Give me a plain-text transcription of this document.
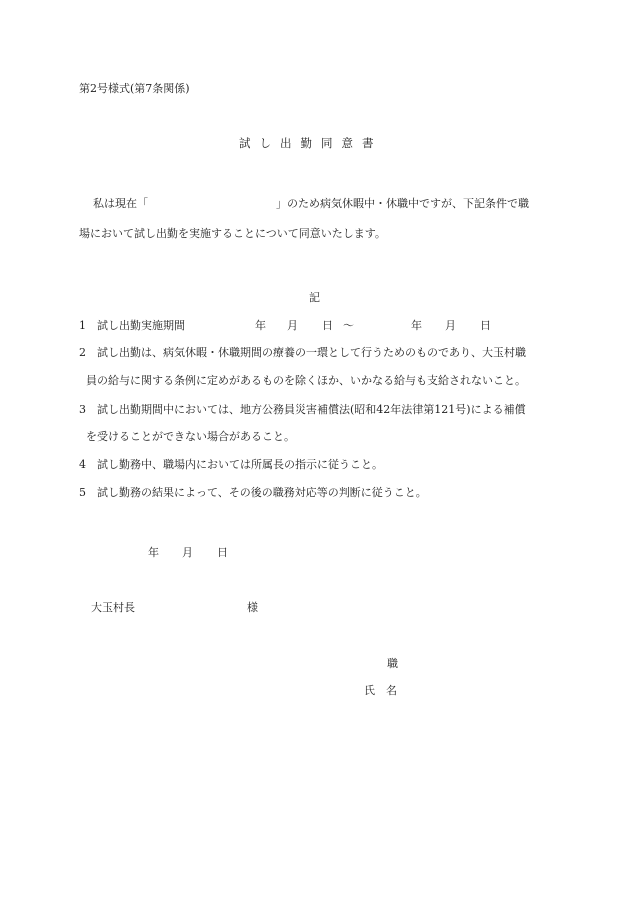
第2号様式(第7条関係)
試し出勤同意書
私は現在「	」のため病気休暇中・休職中ですが、下記条件で職
場において試し出勤を実施することについて同意いたします。
記
1 試し出勤実施期間	年 月 日 〜	年 月 日
2 試し出勤は、病気休暇・休職期間の療養の一環として行うためのものであり、大玉村職
員の給与に関する条例に定めがあるものを除くほか、いかなる給与も支給されないこと。
3 試し出勤期間中においては、地方公務員災害補償法(昭和42年法律第121号)による補償
を受けることができない場合があること。
4 試し勤務中、職場内においては所属長の指示に従うこと。
5 試し勤務の結果によって、その後の職務対応等の判断に従うこと。
年 月 日
大玉村長	様
職
氏　名
